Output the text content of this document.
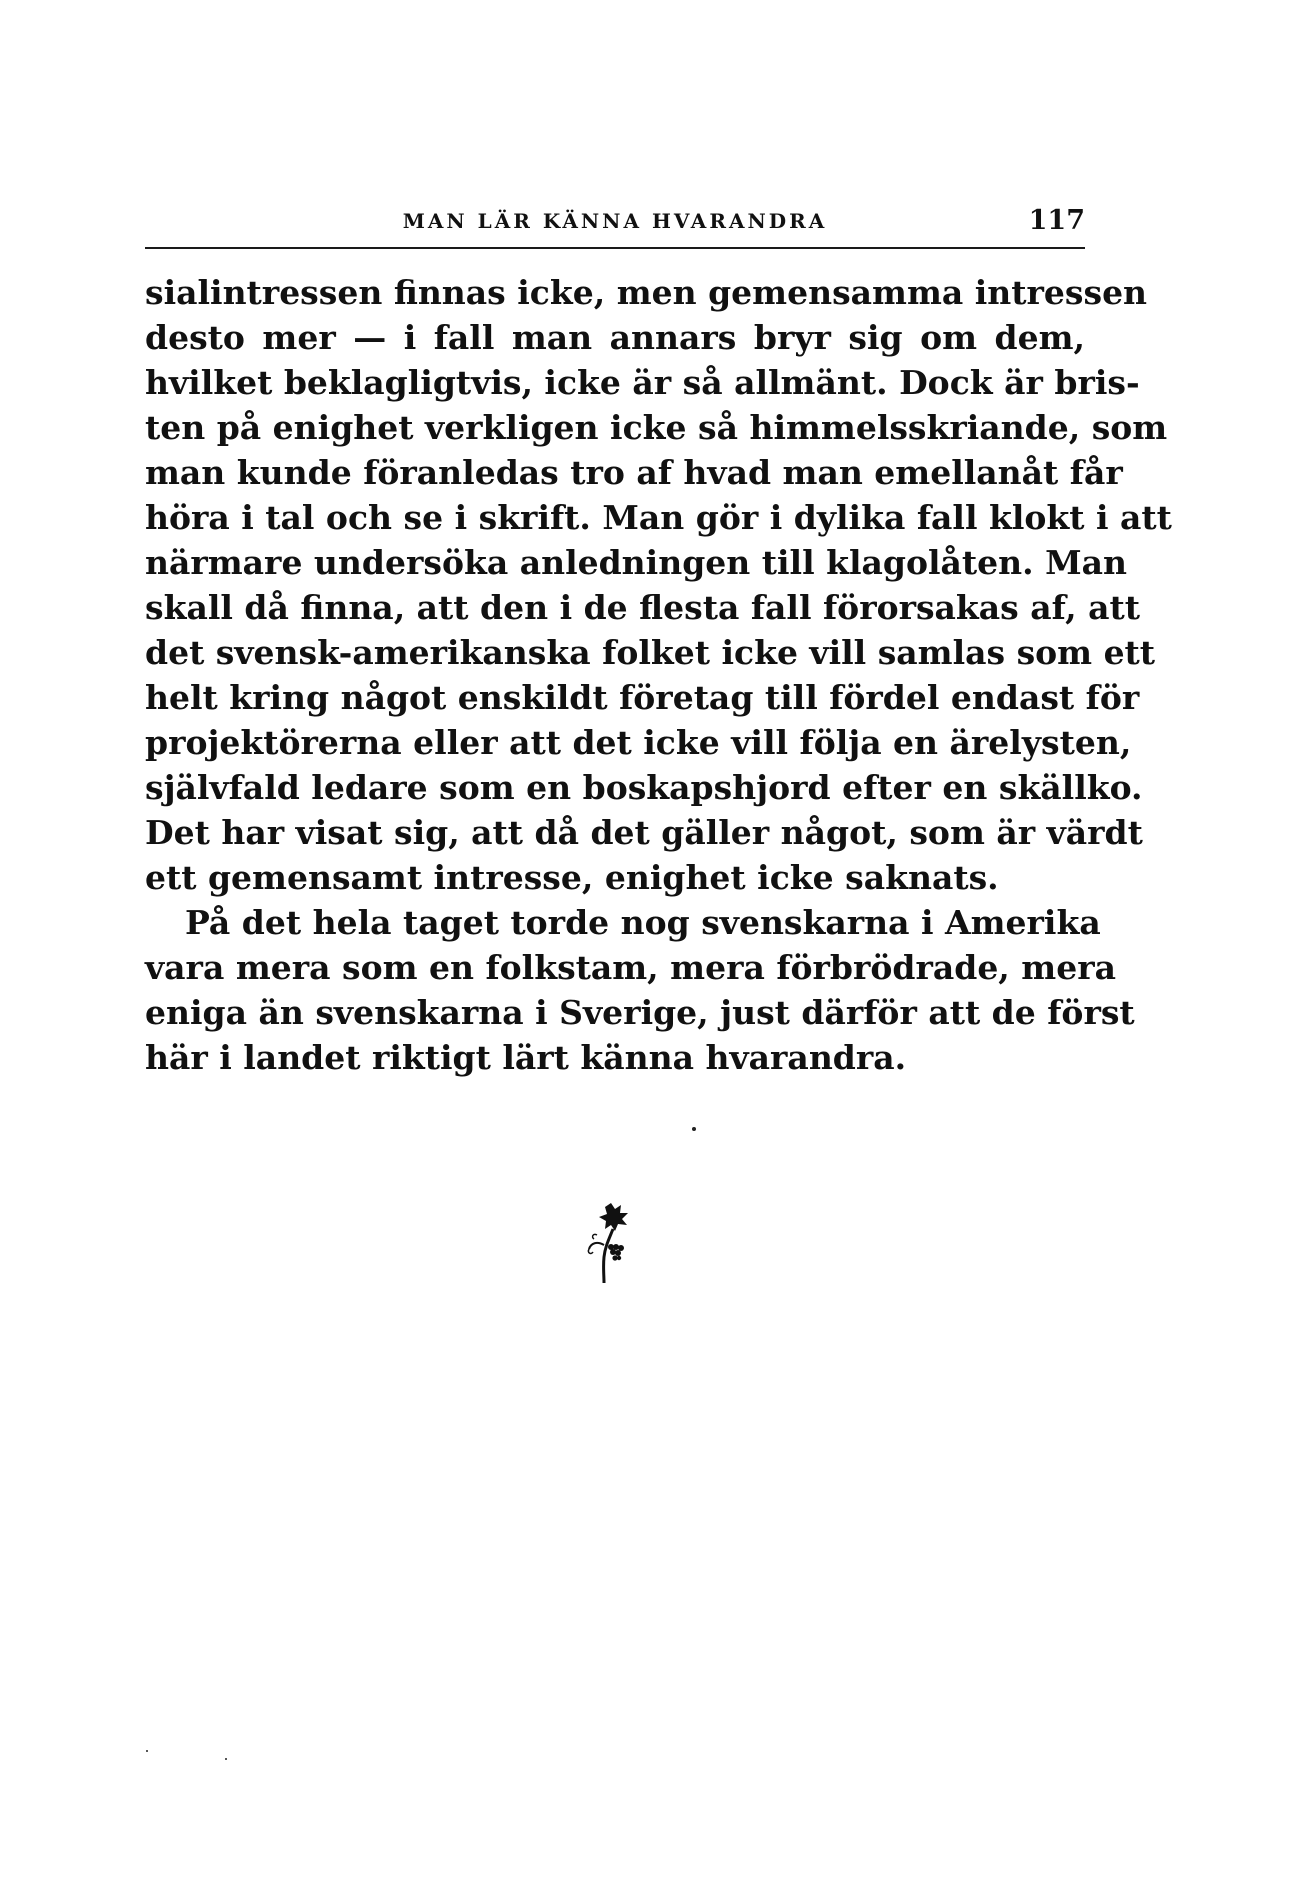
MAN LÄR KÄNNA HVARANDRA	117
sialintressen finnas icke, men gemensamma intressen
desto mer — i fall man annars bryr sig om dem,
hvilket beklagligtvis, icke är så allmänt. Dock är bris-
ten på enighet verkligen icke så himmelsskriande, som
man kunde föranledas tro af hvad man emellanåt får
höra i tal och se i skrift. Man gör i dylika fall klokt i att
närmare undersöka anledningen till klagolåten. Man
skall då finna, att den i de flesta fall förorsakas af, att
det svensk-amerikanska folket icke vill samlas som ett
helt kring något enskildt företag till fördel endast för
projektörerna eller att det icke vill följa en ärelysten,
självfald ledare som en boskapshjord efter en skällko.
Det har visat sig, att då det gäller något, som är värdt
ett gemensamt intresse, enighet icke saknats.
På det hela taget torde nog svenskarna i Amerika
vara mera som en folkstam, mera förbrödrade, mera
eniga än svenskarna i Sverige, just därför att de först
här i landet riktigt lärt känna hvarandra.
